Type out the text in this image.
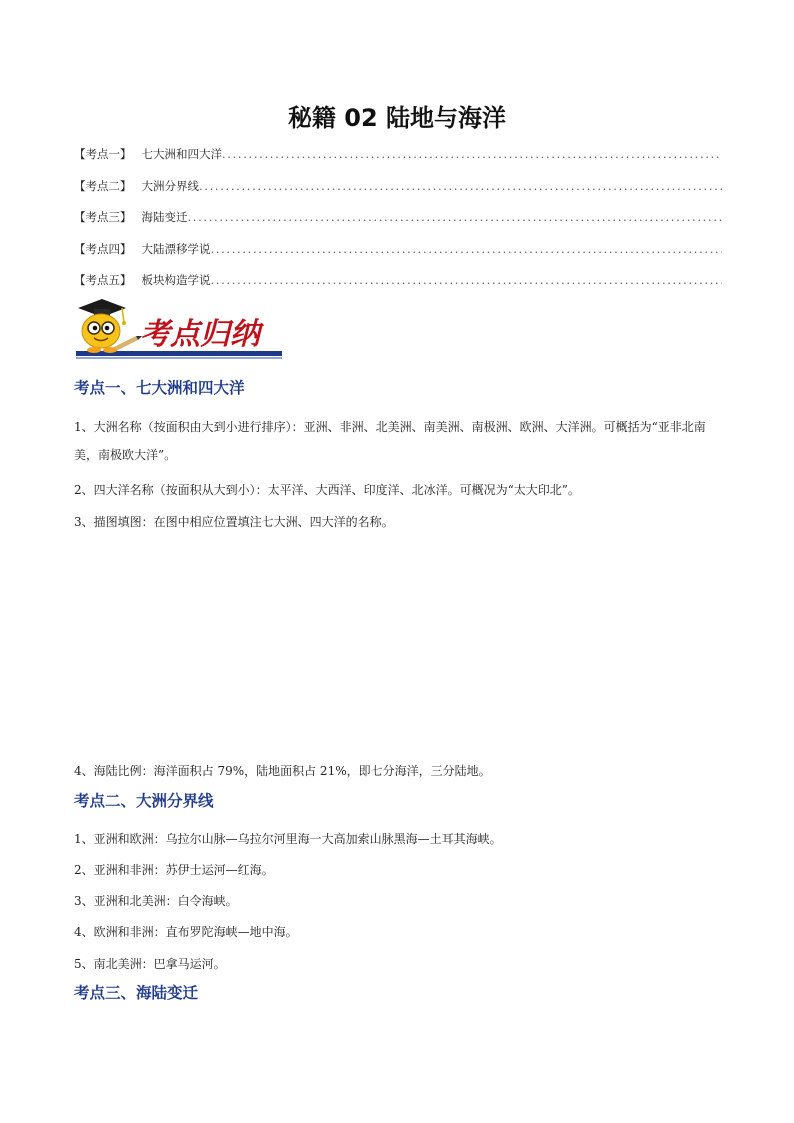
秘籍 02 陆地与海洋
【考点一】 七大洲和四大洋
. . .
【考点二】 大洲分界线
. . .
【考点三】 海陆变迁
. . .
【考点四】 大陆漂移学说
. . .
【考点五】 板块构造学说
. . .
考点归纳
考点一、七大洲和四大洋
1、大洲名称（按面积由大到小进行排序）：亚洲、非洲、北美洲、南美洲、南极洲、欧洲、大洋洲。可概括为“亚非北南美，南极欧大洋”。
2、四大洋名称（按面积从大到小）：太平洋、大西洋、印度洋、北冰洋。可概况为“太大印北”。
3、描图填图：在图中相应位置填注七大洲、四大洋的名称。
4、海陆比例：海洋面积占 79%，陆地面积占 21%，即七分海洋，三分陆地。
考点二、大洲分界线
1、亚洲和欧洲：乌拉尔山脉—乌拉尔河里海一大高加索山脉黑海—土耳其海峡。
2、亚洲和非洲：苏伊士运河—红海。
3、亚洲和北美洲：白令海峡。
4、欧洲和非洲：直布罗陀海峡—地中海。
5、南北美洲：巴拿马运河。
考点三、海陆变迁
